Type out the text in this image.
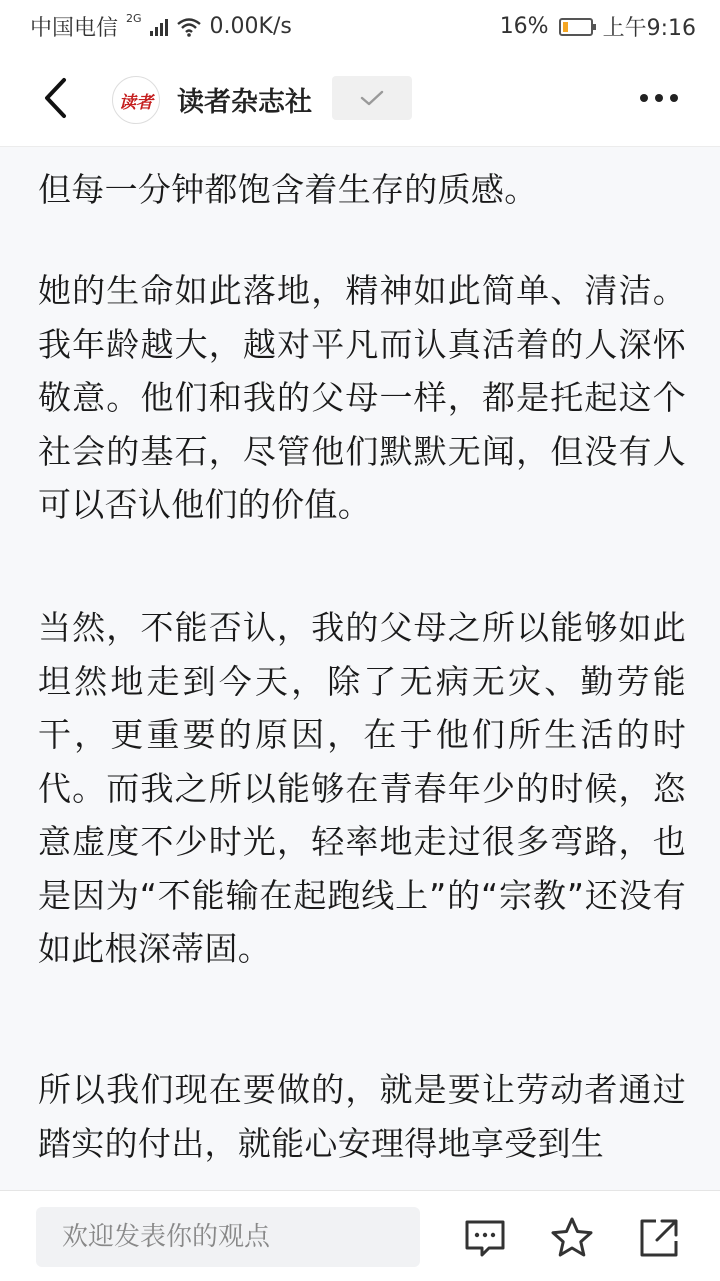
中国电信 2G	0.00K/s	16% 上午9:16
读者 读者杂志社

但每一分钟都饱含着生存的质感。

她的生命如此落地，精神如此简单、清洁。我年龄越大，越对平凡而认真活着的人深怀敬意。他们和我的父母一样，都是托起这个社会的基石，尽管他们默默无闻，但没有人可以否认他们的价值。

当然，不能否认，我的父母之所以能够如此坦然地走到今天，除了无病无灾、勤劳能干，更重要的原因，在于他们所生活的时代。而我之所以能够在青春年少的时候，恣意虚度不少时光，轻率地走过很多弯路，也是因为“不能输在起跑线上”的“宗教”还没有如此根深蒂固。

所以我们现在要做的，就是要让劳动者通过踏实的付出，就能心安理得地享受到生

欢迎发表你的观点
